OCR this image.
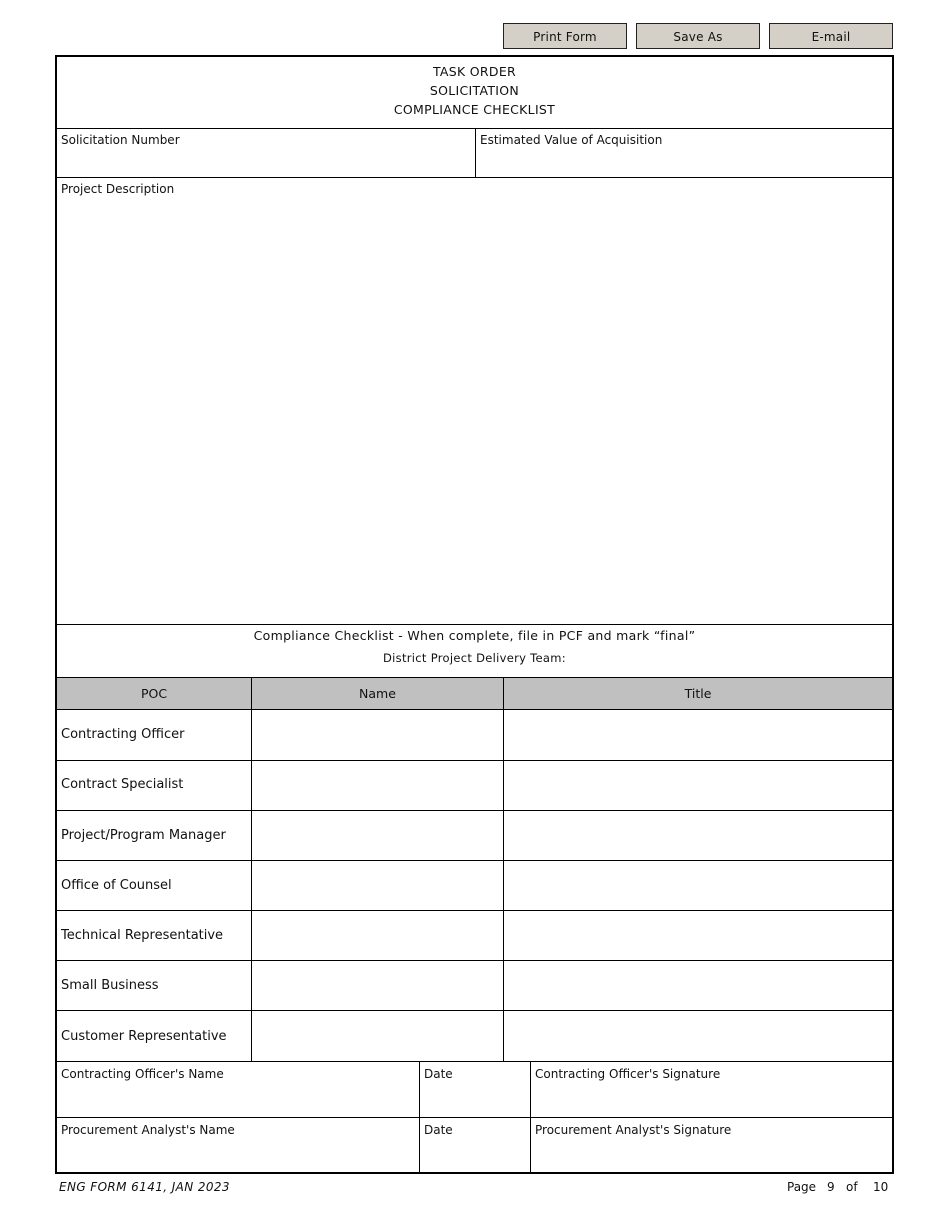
Print Form	Save As	E-mail
TASK ORDER
SOLICITATION
COMPLIANCE CHECKLIST
Solicitation Number	Estimated Value of Acquisition
Project Description
Compliance Checklist - When complete, file in PCF and mark “final”
District Project Delivery Team:
POC	Name	Title
Contracting Officer
Contract Specialist
Project/Program Manager
Office of Counsel
Technical Representative
Small Business
Customer Representative
Contracting Officer's Name	Date	Contracting Officer's Signature
Procurement Analyst's Name	Date	Procurement Analyst's Signature
ENG FORM 6141, JAN 2023	Page 9 of 10
